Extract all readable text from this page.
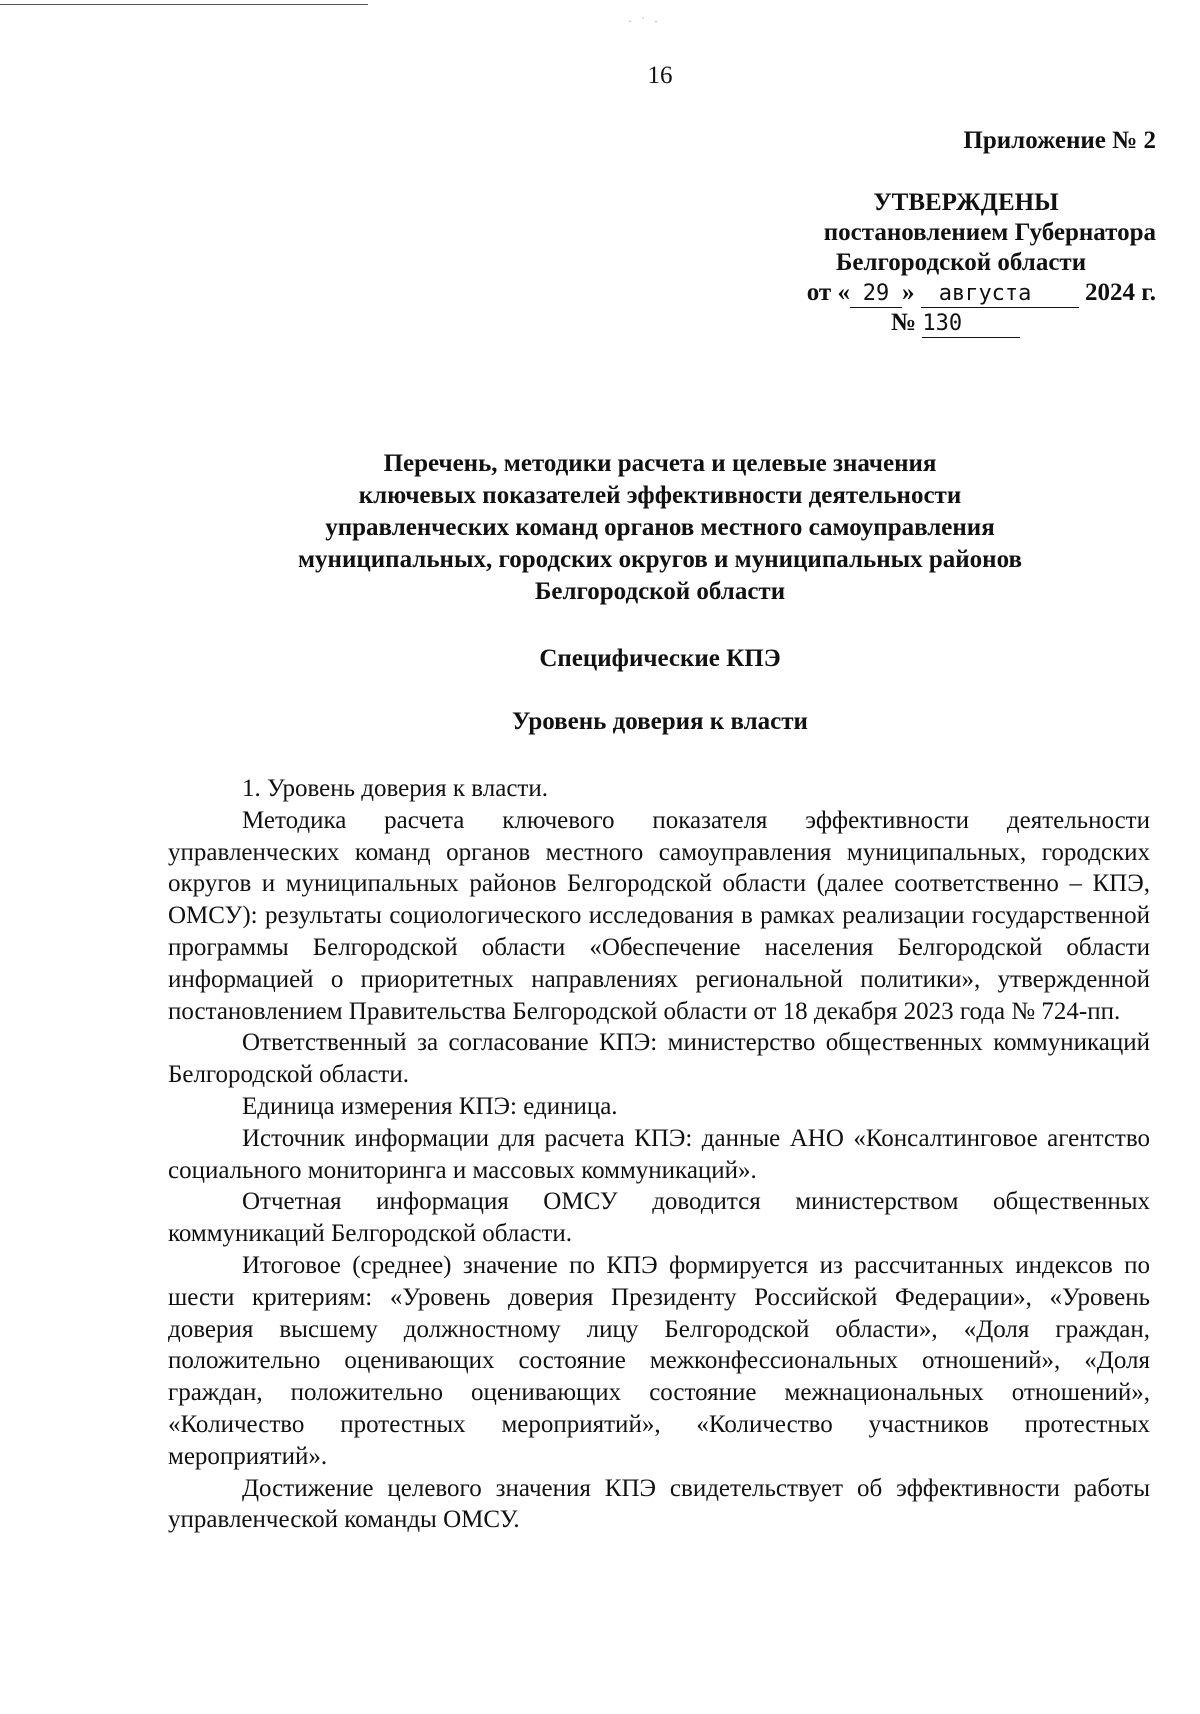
· ˙ ·
16
Приложение № 2
УТВЕРЖДЕНЫ
постановлением Губернатора
Белгородской области
от « 29 » августа 2024 г.
№ 130
Перечень, методики расчета и целевые значения
ключевых показателей эффективности деятельности
управленческих команд органов местного самоуправления
муниципальных, городских округов и муниципальных районов
Белгородской области
Специфические КПЭ
Уровень доверия к власти

1. Уровень доверия к власти.

Методика расчета ключевого показателя эффективности деятельности управленческих команд органов местного самоуправления муниципальных, городских округов и муниципальных районов Белгородской области (далее соответственно – КПЭ, ОМСУ): результаты социологического исследования в рамках реализации государственной программы Белгородской области «Обеспечение населения Белгородской области информацией о приоритетных направлениях региональной политики», утвержденной постановлением Правительства Белгородской области от 18 декабря 2023 года № 724-пп.

Ответственный за согласование КПЭ: министерство общественных коммуникаций Белгородской области.

Единица измерения КПЭ: единица.

Источник информации для расчета КПЭ: данные АНО «Консалтинговое агентство социального мониторинга и массовых коммуникаций».

Отчетная информация ОМСУ доводится министерством общественных коммуникаций Белгородской области.

Итоговое (среднее) значение по КПЭ формируется из рассчитанных индексов по шести критериям: «Уровень доверия Президенту Российской Федерации», «Уровень доверия высшему должностному лицу Белгородской области», «Доля граждан, положительно оценивающих состояние межконфессиональных отношений», «Доля граждан, положительно оценивающих состояние межнациональных отношений», «Количество протестных мероприятий», «Количество участников протестных мероприятий».

Достижение целевого значения КПЭ свидетельствует об эффективности работы управленческой команды ОМСУ.
